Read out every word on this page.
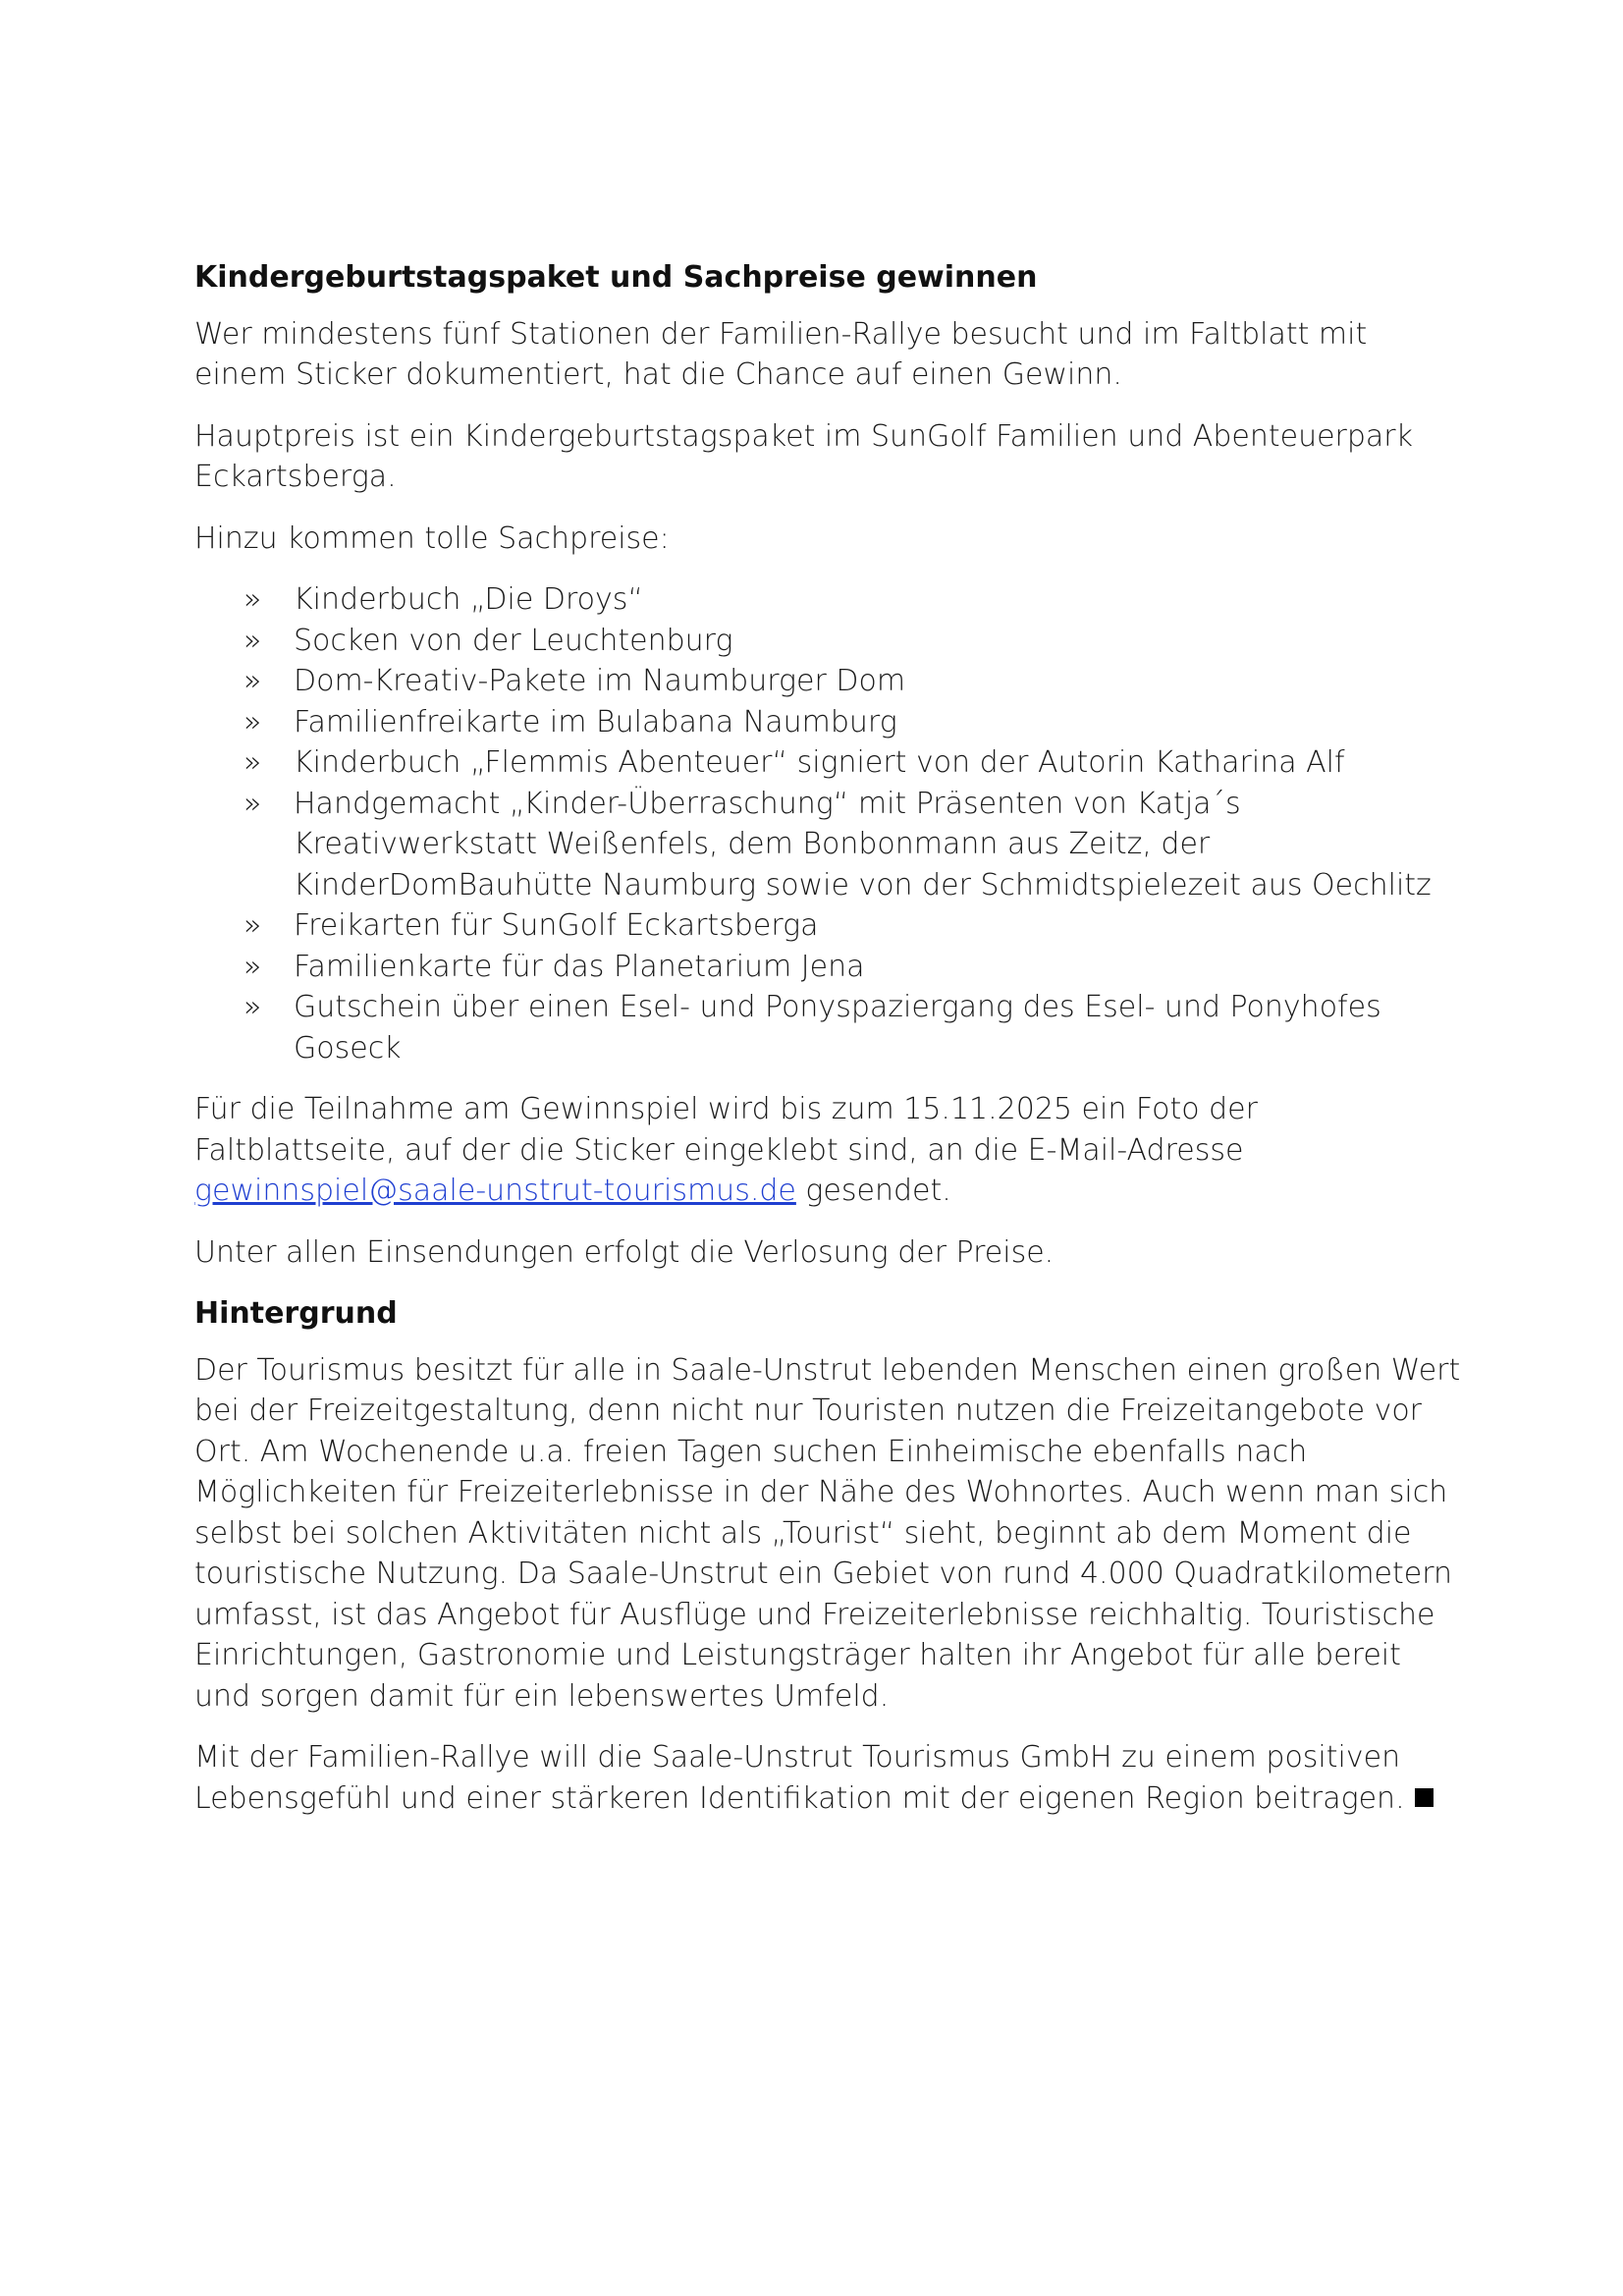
Kindergeburtstagspaket und Sachpreise gewinnen

Wer mindestens fünf Stationen der Familien-Rallye besucht und im Faltblatt mit einem Sticker dokumentiert, hat die Chance auf einen Gewinn.

Hauptpreis ist ein Kindergeburtstagspaket im SunGolf Familien und Abenteuerpark Eckartsberga.

Hinzu kommen tolle Sachpreise:

» Kinderbuch „Die Droys“
» Socken von der Leuchtenburg
» Dom-Kreativ-Pakete im Naumburger Dom
» Familienfreikarte im Bulabana Naumburg
» Kinderbuch „Flemmis Abenteuer“ signiert von der Autorin Katharina Alf
» Handgemacht „Kinder-Überraschung“ mit Präsenten von Katja´s Kreativwerkstatt Weißenfels, dem Bonbonmann aus Zeitz, der KinderDomBauhütte Naumburg sowie von der Schmidtspielezeit aus Oechlitz
» Freikarten für SunGolf Eckartsberga
» Familienkarte für das Planetarium Jena
» Gutschein über einen Esel- und Ponyspaziergang des Esel- und Ponyhofes Goseck

Für die Teilnahme am Gewinnspiel wird bis zum 15.11.2025 ein Foto der Faltblattseite, auf der die Sticker eingeklebt sind, an die E-Mail-Adresse gewinnspiel@saale-unstrut-tourismus.de gesendet.

Unter allen Einsendungen erfolgt die Verlosung der Preise.

Hintergrund

Der Tourismus besitzt für alle in Saale-Unstrut lebenden Menschen einen großen Wert bei der Freizeitgestaltung, denn nicht nur Touristen nutzen die Freizeitangebote vor Ort. Am Wochenende u.a. freien Tagen suchen Einheimische ebenfalls nach Möglichkeiten für Freizeiterlebnisse in der Nähe des Wohnortes. Auch wenn man sich selbst bei solchen Aktivitäten nicht als „Tourist“ sieht, beginnt ab dem Moment die touristische Nutzung. Da Saale-Unstrut ein Gebiet von rund 4.000 Quadratkilometern umfasst, ist das Angebot für Ausflüge und Freizeiterlebnisse reichhaltig. Touristische Einrichtungen, Gastronomie und Leistungsträger halten ihr Angebot für alle bereit und sorgen damit für ein lebenswertes Umfeld.

Mit der Familien-Rallye will die Saale-Unstrut Tourismus GmbH zu einem positiven Lebensgefühl und einer stärkeren Identifikation mit der eigenen Region beitragen.
